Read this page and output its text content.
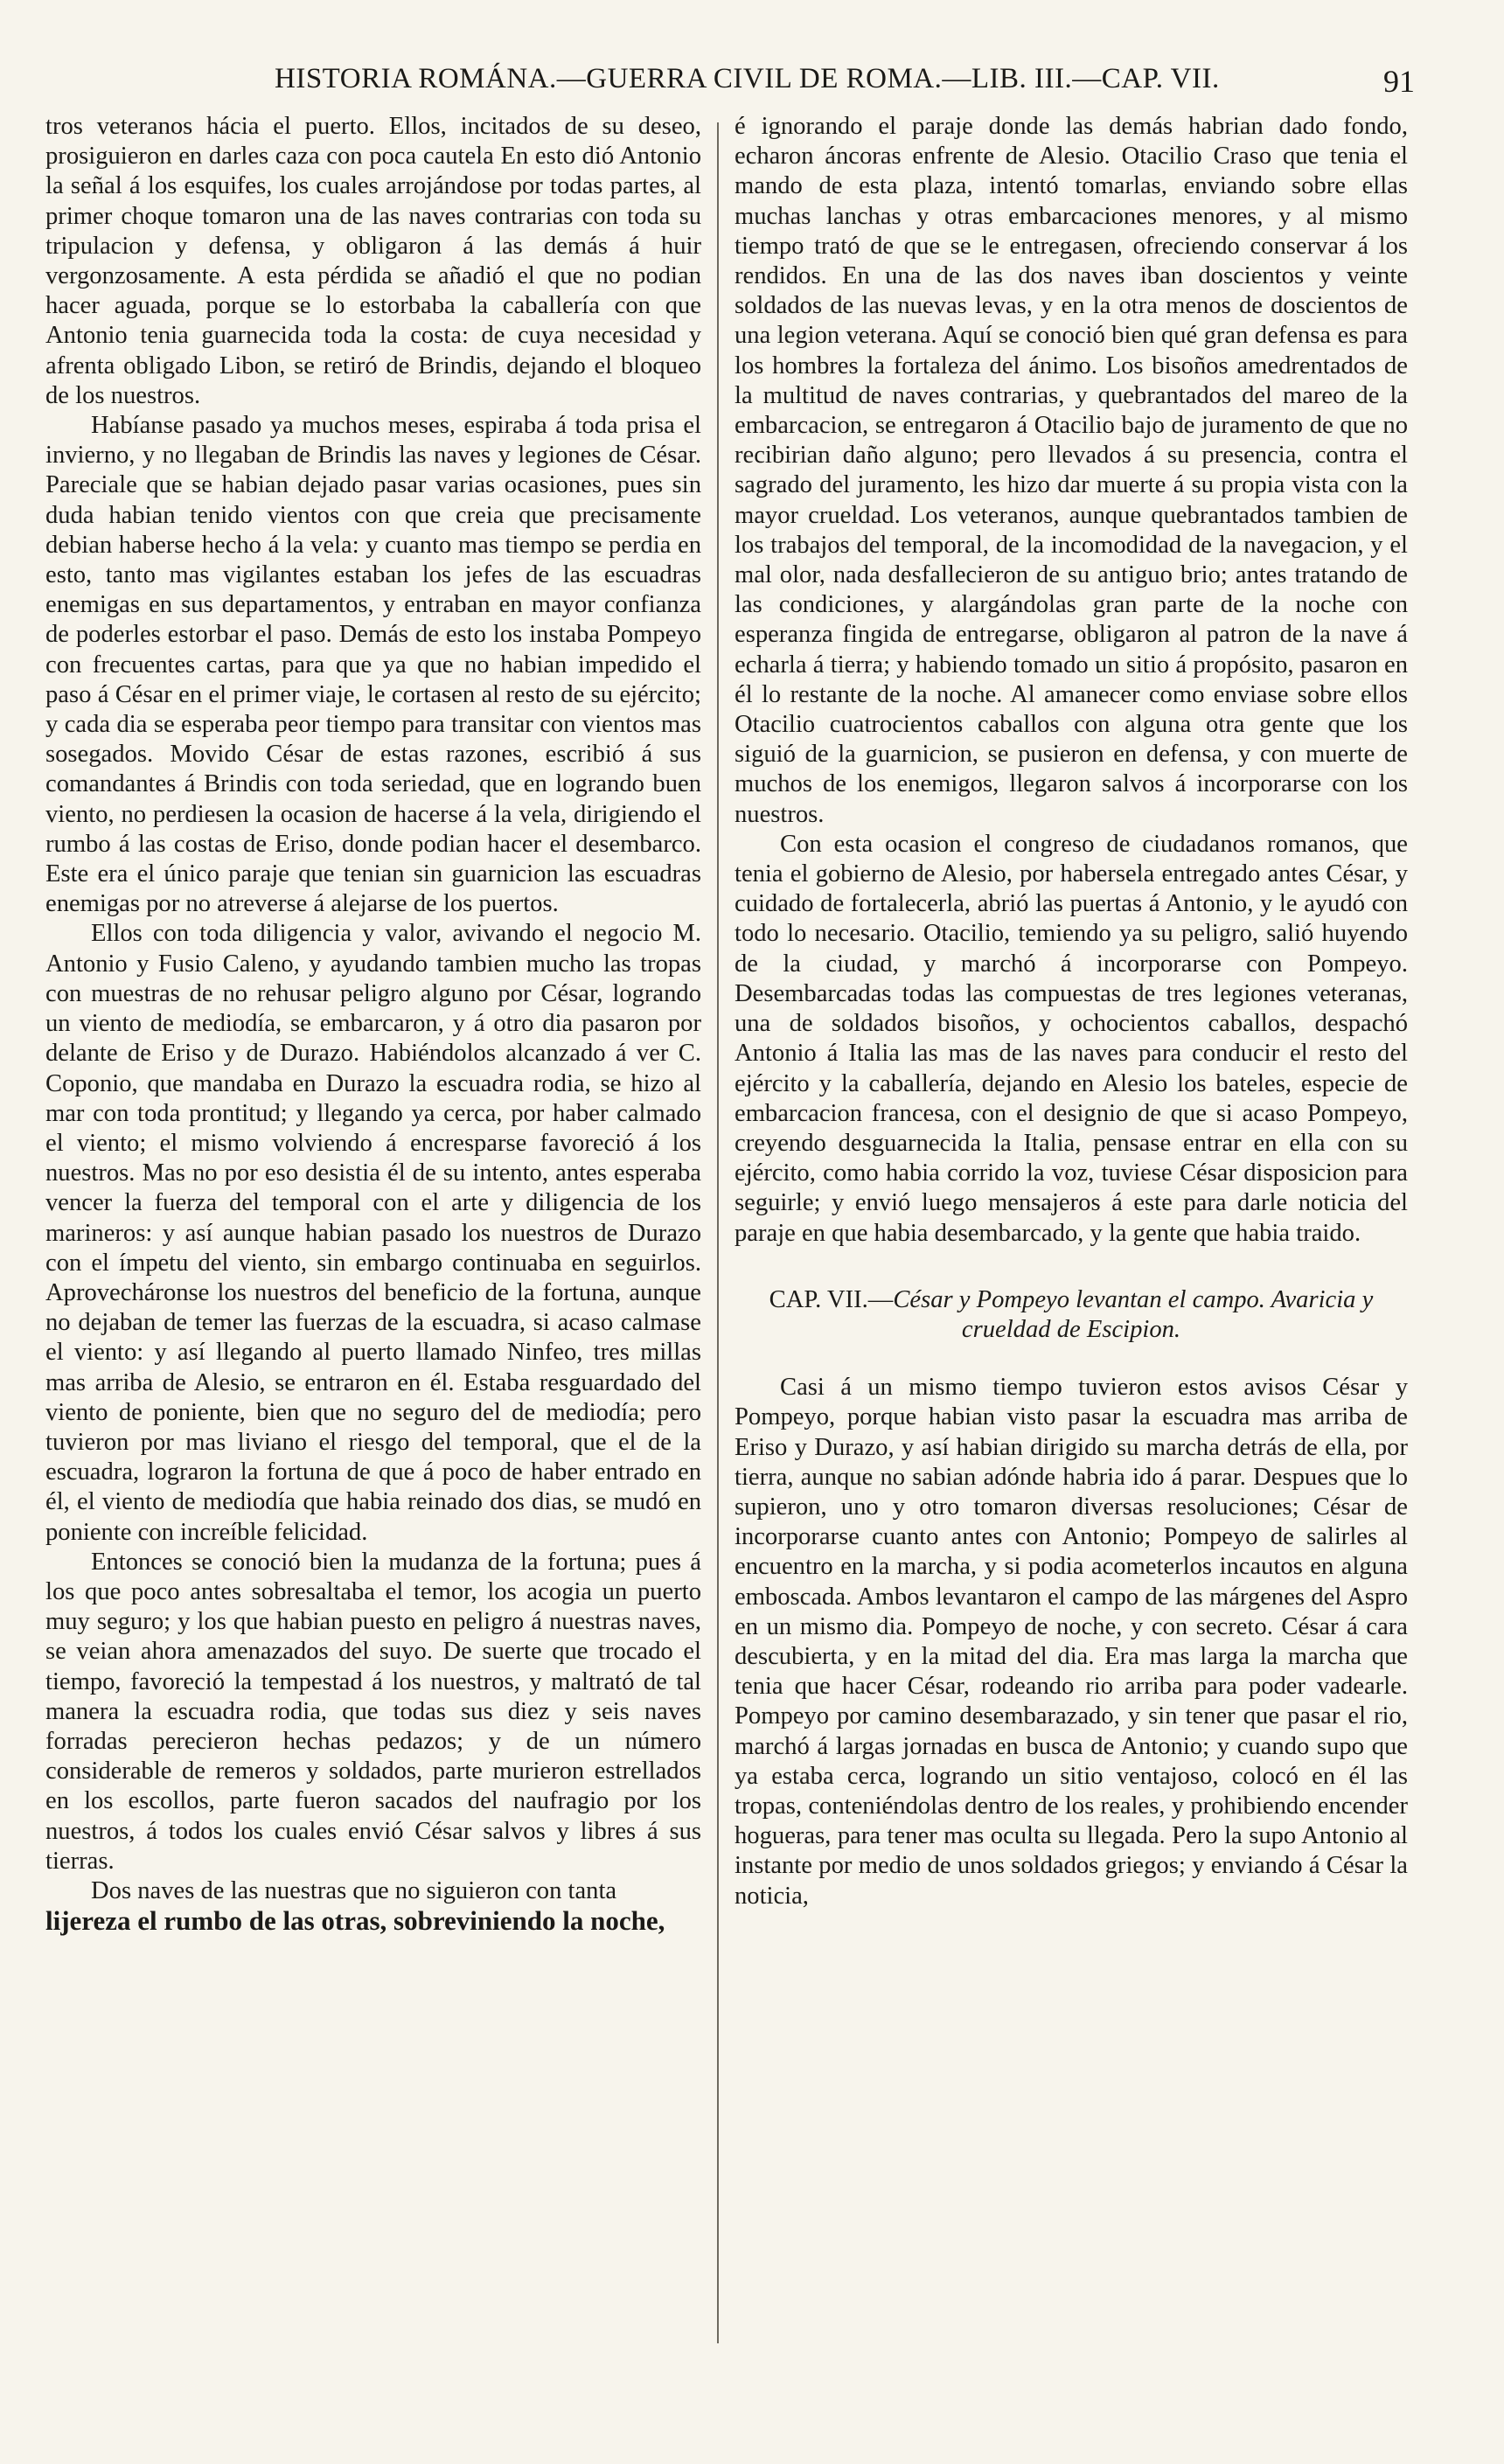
HISTORIA ROMÁNA.—GUERRA CIVIL DE ROMA.—LIB. III.—CAP. VII.	91

tros veteranos hácia el puerto. Ellos, incitados de su deseo, prosiguieron en darles caza con poca cautela En esto dió Antonio la señal á los esquifes, los cuales arrojándose por todas partes, al primer choque tomaron una de las naves contrarias con toda su tripulacion y defensa, y obligaron á las demás á huir vergonzosamente. A esta pérdida se añadió el que no podian hacer aguada, porque se lo estorbaba la caballería con que Antonio tenia guarnecida toda la costa: de cuya necesidad y afrenta obligado Libon, se retiró de Brindis, dejando el bloqueo de los nuestros.

Habíanse pasado ya muchos meses, espiraba á toda prisa el invierno, y no llegaban de Brindis las naves y legiones de César. Pareciale que se habian dejado pasar varias ocasiones, pues sin duda habian tenido vientos con que creia que precisamente debian haberse hecho á la vela: y cuanto mas tiempo se perdia en esto, tanto mas vigilantes estaban los jefes de las escuadras enemigas en sus departamentos, y entraban en mayor confianza de poderles estorbar el paso. Demás de esto los instaba Pompeyo con frecuentes cartas, para que ya que no habian impedido el paso á César en el primer viaje, le cortasen al resto de su ejército; y cada dia se esperaba peor tiempo para transitar con vientos mas sosegados. Movido César de estas razones, escribió á sus comandantes á Brindis con toda seriedad, que en logrando buen viento, no perdiesen la ocasion de hacerse á la vela, dirigiendo el rumbo á las costas de Eriso, donde podian hacer el desembarco. Este era el único paraje que tenian sin guarnicion las escuadras enemigas por no atreverse á alejarse de los puertos.

Ellos con toda diligencia y valor, avivando el negocio M. Antonio y Fusio Caleno, y ayudando tambien mucho las tropas con muestras de no rehusar peligro alguno por César, logrando un viento de mediodía, se embarcaron, y á otro dia pasaron por delante de Eriso y de Durazo. Habiéndolos alcanzado á ver C. Coponio, que mandaba en Durazo la escuadra rodia, se hizo al mar con toda prontitud; y llegando ya cerca, por haber calmado el viento; el mismo volviendo á encresparse favoreció á los nuestros. Mas no por eso desistia él de su intento, antes esperaba vencer la fuerza del temporal con el arte y diligencia de los marineros: y así aunque habian pasado los nuestros de Durazo con el ímpetu del viento, sin embargo continuaba en seguirlos. Aprovecháronse los nuestros del beneficio de la fortuna, aunque no dejaban de temer las fuerzas de la escuadra, si acaso calmase el viento: y así llegando al puerto llamado Ninfeo, tres millas mas arriba de Alesio, se entraron en él. Estaba resguardado del viento de poniente, bien que no seguro del de mediodía; pero tuvieron por mas liviano el riesgo del temporal, que el de la escuadra, lograron la fortuna de que á poco de haber entrado en él, el viento de mediodía que habia reinado dos dias, se mudó en poniente con increíble felicidad.

Entonces se conoció bien la mudanza de la fortuna; pues á los que poco antes sobresaltaba el temor, los acogia un puerto muy seguro; y los que habian puesto en peligro á nuestras naves, se veian ahora amenazados del suyo. De suerte que trocado el tiempo, favoreció la tempestad á los nuestros, y maltrató de tal manera la escuadra rodia, que todas sus diez y seis naves forradas perecieron hechas pedazos; y de un número considerable de remeros y soldados, parte murieron estrellados en los escollos, parte fueron sacados del naufragio por los nuestros, á todos los cuales envió César salvos y libres á sus tierras.

Dos naves de las nuestras que no siguieron con tanta

lijereza el rumbo de las otras, sobreviniendo la noche,

é ignorando el paraje donde las demás habrian dado fondo, echaron áncoras enfrente de Alesio. Otacilio Craso que tenia el mando de esta plaza, intentó tomarlas, enviando sobre ellas muchas lanchas y otras embarcaciones menores, y al mismo tiempo trató de que se le entregasen, ofreciendo conservar á los rendidos. En una de las dos naves iban doscientos y veinte soldados de las nuevas levas, y en la otra menos de doscientos de una legion veterana. Aquí se conoció bien qué gran defensa es para los hombres la fortaleza del ánimo. Los bisoños amedrentados de la multitud de naves contrarias, y quebrantados del mareo de la embarcacion, se entregaron á Otacilio bajo de juramento de que no recibirian daño alguno; pero llevados á su presencia, contra el sagrado del juramento, les hizo dar muerte á su propia vista con la mayor crueldad. Los veteranos, aunque quebrantados tambien de los trabajos del temporal, de la incomodidad de la navegacion, y el mal olor, nada desfallecieron de su antiguo brio; antes tratando de las condiciones, y alargándolas gran parte de la noche con esperanza fingida de entregarse, obligaron al patron de la nave á echarla á tierra; y habiendo tomado un sitio á propósito, pasaron en él lo restante de la noche. Al amanecer como enviase sobre ellos Otacilio cuatrocientos caballos con alguna otra gente que los siguió de la guarnicion, se pusieron en defensa, y con muerte de muchos de los enemigos, llegaron salvos á incorporarse con los nuestros.

Con esta ocasion el congreso de ciudadanos romanos, que tenia el gobierno de Alesio, por habersela entregado antes César, y cuidado de fortalecerla, abrió las puertas á Antonio, y le ayudó con todo lo necesario. Otacilio, temiendo ya su peligro, salió huyendo de la ciudad, y marchó á incorporarse con Pompeyo. Desembarcadas todas las compuestas de tres legiones veteranas, una de soldados bisoños, y ochocientos caballos, despachó Antonio á Italia las mas de las naves para conducir el resto del ejército y la caballería, dejando en Alesio los bateles, especie de embarcacion francesa, con el designio de que si acaso Pompeyo, creyendo desguarnecida la Italia, pensase entrar en ella con su ejército, como habia corrido la voz, tuviese César disposicion para seguirle; y envió luego mensajeros á este para darle noticia del paraje en que habia desembarcado, y la gente que habia traido.

CAP. VII.—César y Pompeyo levantan el campo. Avaricia y crueldad de Escipion.

Casi á un mismo tiempo tuvieron estos avisos César y Pompeyo, porque habian visto pasar la escuadra mas arriba de Eriso y Durazo, y así habian dirigido su marcha detrás de ella, por tierra, aunque no sabian adónde habria ido á parar. Despues que lo supieron, uno y otro tomaron diversas resoluciones; César de incorporarse cuanto antes con Antonio; Pompeyo de salirles al encuentro en la marcha, y si podia acometerlos incautos en alguna emboscada. Ambos levantaron el campo de las márgenes del Aspro en un mismo dia. Pompeyo de noche, y con secreto. César á cara descubierta, y en la mitad del dia. Era mas larga la marcha que tenia que hacer César, rodeando rio arriba para poder vadearle. Pompeyo por camino desembarazado, y sin tener que pasar el rio, marchó á largas jornadas en busca de Antonio; y cuando supo que ya estaba cerca, logrando un sitio ventajoso, colocó en él las tropas, conteniéndolas dentro de los reales, y prohibiendo encender hogueras, para tener mas oculta su llegada. Pero la supo Antonio al instante por medio de unos soldados griegos; y enviando á César la noticia,
